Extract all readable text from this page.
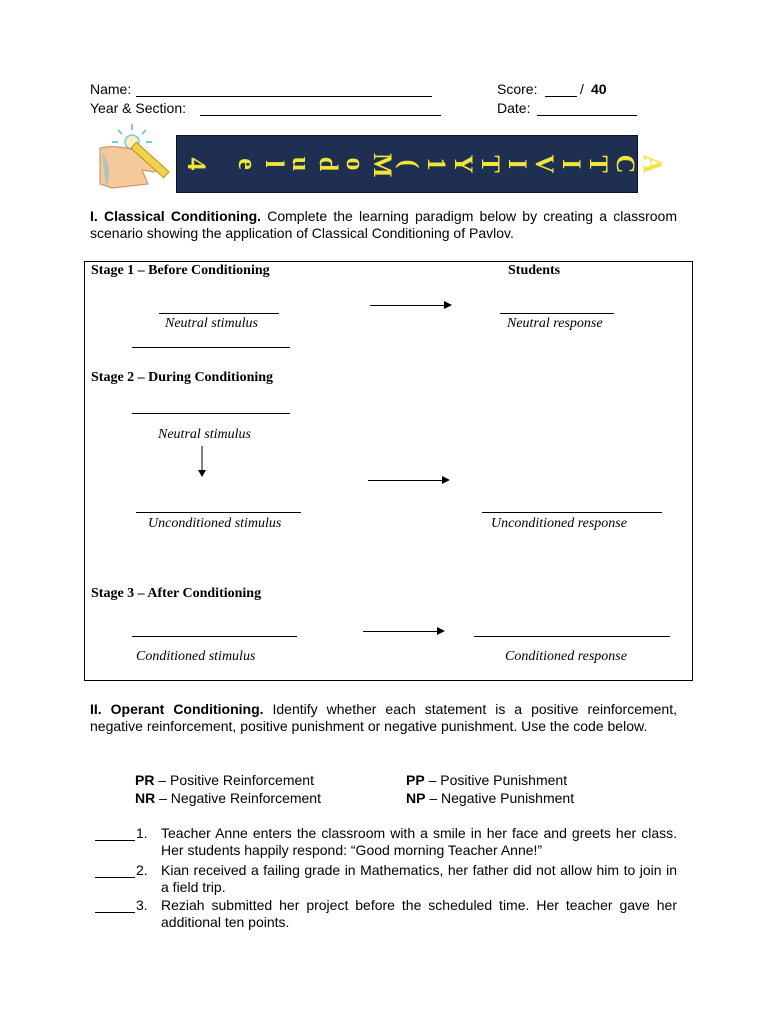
Name:
Year & Section:
Score:	/ 40
Date:
A
C
T
I
V
I
T
Y
1
(
M
o
d
u
l
e
4
I. Classical Conditioning. Complete the learning paradigm below by creating a classroom scenario showing the application of Classical Conditioning of Pavlov.
Stage 1 – Before Conditioning	Students
Neutral stimulus	Neutral response
Stage 2 – During Conditioning
Neutral stimulus
Unconditioned stimulus	Unconditioned response
Stage 3 – After Conditioning
Conditioned stimulus	Conditioned response
II. Operant Conditioning. Identify whether each statement is a positive reinforcement, negative reinforcement, positive punishment or negative punishment. Use the code below.
PR – Positive Reinforcement	PP – Positive Punishment
NR – Negative Reinforcement	NP – Negative Punishment
1. Teacher Anne enters the classroom with a smile in her face and greets her class. Her students happily respond: “Good morning Teacher Anne!”
2. Kian received a failing grade in Mathematics, her father did not allow him to join in a field trip.
3. Reziah submitted her project before the scheduled time. Her teacher gave her additional ten points.
